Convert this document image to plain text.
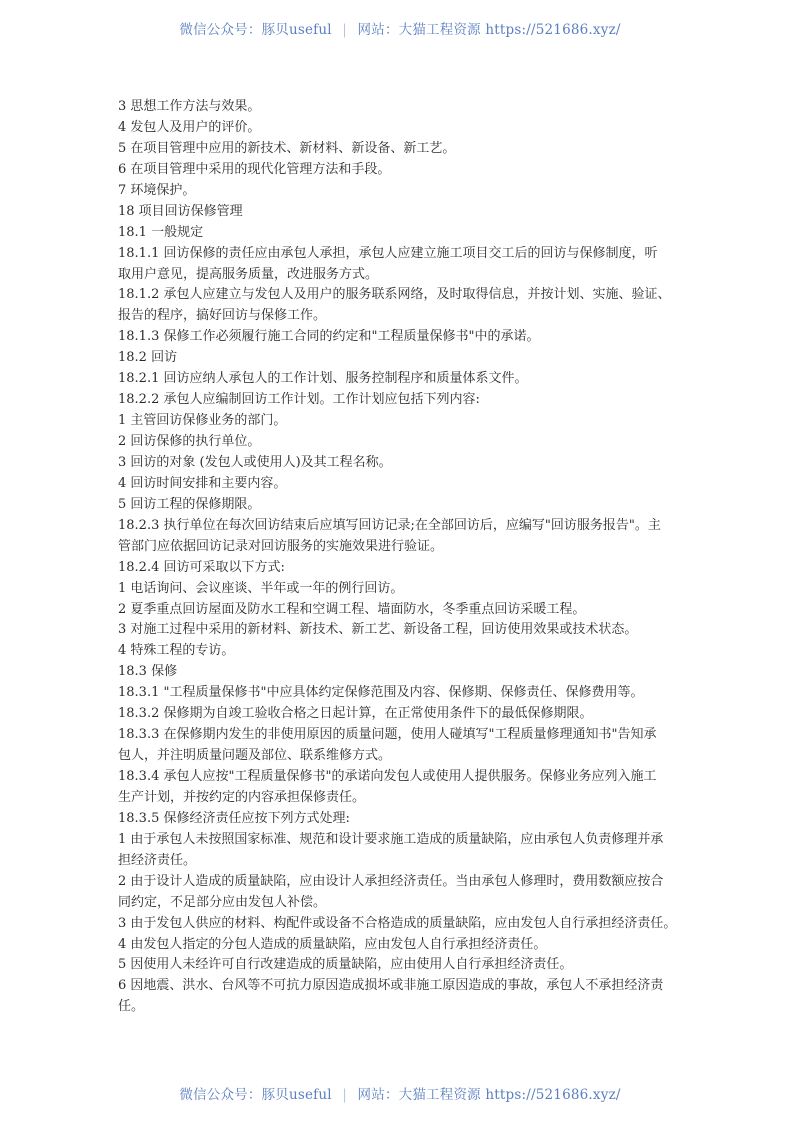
微信公众号：豚贝useful | 网站：大猫工程资源 https://521686.xyz/
3 思想工作方法与效果。
4 发包人及用户的评价。
5 在项目管理中应用的新技术、新材料、新设备、新工艺。
6 在项目管理中采用的现代化管理方法和手段。
7 环境保护。
18 项目回访保修管理
18.1 一般规定
18.1.1 回访保修的责任应由承包人承担，承包人应建立施工项目交工后的回访与保修制度，听
取用户意见，提高服务质量，改进服务方式。
18.1.2 承包人应建立与发包人及用户的服务联系网络，及时取得信息，并按计划、实施、验证、
报告的程序，搞好回访与保修工作。
18.1.3 保修工作必须履行施工合同的约定和"工程质量保修书"中的承诺。
18.2 回访
18.2.1 回访应纳人承包人的工作计划、服务控制程序和质量体系文件。
18.2.2 承包人应编制回访工作计划。工作计划应包括下列内容:
1 主管回访保修业务的部门。
2 回访保修的执行单位。
3 回访的对象 (发包人或使用人)及其工程名称。
4 回访时间安排和主要内容。
5 回访工程的保修期限。
18.2.3 执行单位在每次回访结束后应填写回访记录;在全部回访后，应编写"回访服务报告"。主
管部门应依据回访记录对回访服务的实施效果进行验证。
18.2.4 回访可采取以下方式:
1 电话询问、会议座谈、半年或一年的例行回访。
2 夏季重点回访屋面及防水工程和空调工程、墙面防水，冬季重点回访采暖工程。
3 对施工过程中采用的新材料、新技术、新工艺、新设备工程，回访使用效果或技术状态。
4 特殊工程的专访。
18.3 保修
18.3.1 "工程质量保修书"中应具体约定保修范围及内容、保修期、保修责任、保修费用等。
18.3.2 保修期为自竣工验收合格之日起计算，在正常使用条件下的最低保修期限。
18.3.3 在保修期内发生的非使用原因的质量问题，使用人碰填写"工程质量修理通知书"告知承
包人，并注明质量问题及部位、联系维修方式。
18.3.4 承包人应按"工程质量保修书"的承诺向发包人或使用人提供服务。保修业务应列入施工
生产计划，并按约定的内容承担保修责任。
18.3.5 保修经济责任应按下列方式处理:
1 由于承包人未按照国家标准、规范和设计要求施工造成的质量缺陷，应由承包人负责修理并承
担经济责任。
2 由于设计人造成的质量缺陷，应由设计人承担经济责任。当由承包人修理时，费用数额应按合
同约定，不足部分应由发包人补偿。
3 由于发包人供应的材料、构配件或设备不合格造成的质量缺陷，应由发包人自行承担经济责任。
4 由发包人指定的分包人造成的质量缺陷，应由发包人自行承担经济责任。
5 因使用人未经许可自行改建造成的质量缺陷，应由使用人自行承担经济责任。
6 因地震、洪水、台风等不可抗力原因造成损坏或非施工原因造成的事故，承包人不承担经济责
任。
微信公众号：豚贝useful | 网站：大猫工程资源 https://521686.xyz/
